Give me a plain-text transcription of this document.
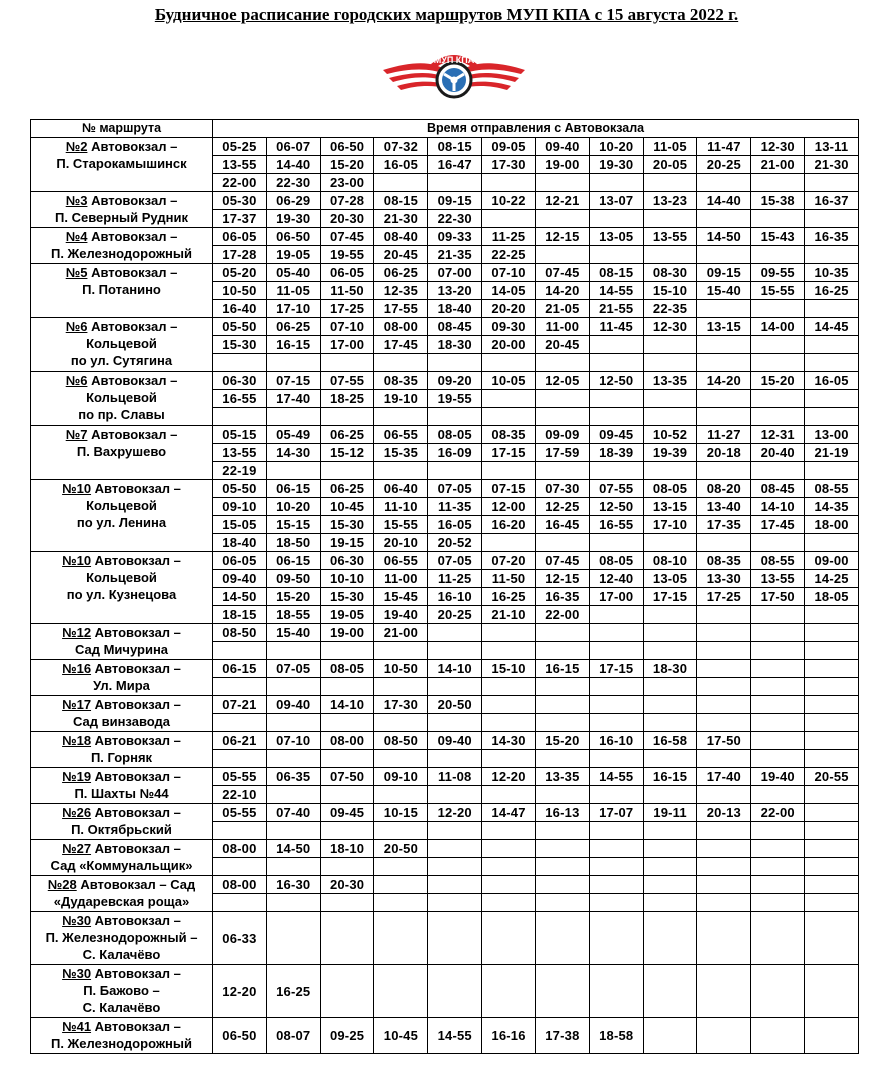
Будничное расписание городских маршрутов МУП КПА с 15 августа 2022 г.
МУП КПА
№ маршрута	Время отправления с Автовокзала											

№2 Автовокзал –
П. Старокамышинск	05-25	06-07	06-50	07-32	08-15	09-05	09-40	10-20	11-05	11-47	12-30	13-11
	13-55	14-40	15-20	16-05	16-47	17-30	19-00	19-30	20-05	20-25	21-00	21-30
	22-00	22-30	23-00									

№3 Автовокзал –
П. Северный Рудник	05-30	06-29	07-28	08-15	09-15	10-22	12-21	13-07	13-23	14-40	15-38	16-37
	17-37	19-30	20-30	21-30	22-30							

№4 Автовокзал –
П. Железнодорожный	06-05	06-50	07-45	08-40	09-33	11-25	12-15	13-05	13-55	14-50	15-43	16-35
	17-28	19-05	19-55	20-45	21-35	22-25						

№5 Автовокзал –
П. Потанино	05-20	05-40	06-05	06-25	07-00	07-10	07-45	08-15	08-30	09-15	09-55	10-35
	10-50	11-05	11-50	12-35	13-20	14-05	14-20	14-55	15-10	15-40	15-55	16-25
	16-40	17-10	17-25	17-55	18-40	20-20	21-05	21-55	22-35			

№6 Автовокзал –
Кольцевой
по ул. Сутягина	05-50	06-25	07-10	08-00	08-45	09-30	11-00	11-45	12-30	13-15	14-00	14-45
	15-30	16-15	17-00	17-45	18-30	20-00	20-45					

№6 Автовокзал –
Кольцевой
по пр. Славы	06-30	07-15	07-55	08-35	09-20	10-05	12-05	12-50	13-35	14-20	15-20	16-05
	16-55	17-40	18-25	19-10	19-55							

№7 Автовокзал –
П. Вахрушево	05-15	05-49	06-25	06-55	08-05	08-35	09-09	09-45	10-52	11-27	12-31	13-00
	13-55	14-30	15-12	15-35	16-09	17-15	17-59	18-39	19-39	20-18	20-40	21-19
	22-19											

№10 Автовокзал –
Кольцевой
по ул. Ленина	05-50	06-15	06-25	06-40	07-05	07-15	07-30	07-55	08-05	08-20	08-45	08-55
	09-10	10-20	10-45	11-10	11-35	12-00	12-25	12-50	13-15	13-40	14-10	14-35
	15-05	15-15	15-30	15-55	16-05	16-20	16-45	16-55	17-10	17-35	17-45	18-00
	18-40	18-50	19-15	20-10	20-52							

№10 Автовокзал –
Кольцевой
по ул. Кузнецова	06-05	06-15	06-30	06-55	07-05	07-20	07-45	08-05	08-10	08-35	08-55	09-00
	09-40	09-50	10-10	11-00	11-25	11-50	12-15	12-40	13-05	13-30	13-55	14-25
	14-50	15-20	15-30	15-45	16-10	16-25	16-35	17-00	17-15	17-25	17-50	18-05
	18-15	18-55	19-05	19-40	20-25	21-10	22-00					

№12 Автовокзал –
Сад Мичурина	08-50	15-40	19-00	21-00								

№16 Автовокзал –
Ул. Мира	06-15	07-05	08-05	10-50	14-10	15-10	16-15	17-15	18-30			

№17 Автовокзал –
Сад винзавода	07-21	09-40	14-10	17-30	20-50							

№18 Автовокзал –
П. Горняк	06-21	07-10	08-00	08-50	09-40	14-30	15-20	16-10	16-58	17-50		

№19 Автовокзал –
П. Шахты №44	05-55	06-35	07-50	09-10	11-08	12-20	13-35	14-55	16-15	17-40	19-40	20-55
	22-10											

№26 Автовокзал –
П. Октябрьский	05-55	07-40	09-45	10-15	12-20	14-47	16-13	17-07	19-11	20-13	22-00	

№27 Автовокзал –
Сад «Коммунальщик»	08-00	14-50	18-10	20-50								

№28 Автовокзал – Сад
«Дударевская роща»	08-00	16-30	20-30									

№30 Автовокзал –
П. Железнодорожный –
С. Калачёво	06-33											

№30 Автовокзал –
П. Бажово –
С. Калачёво	12-20	16-25										

№41 Автовокзал –
П. Железнодорожный	06-50	08-07	09-25	10-45	14-55	16-16	17-38	18-58				
